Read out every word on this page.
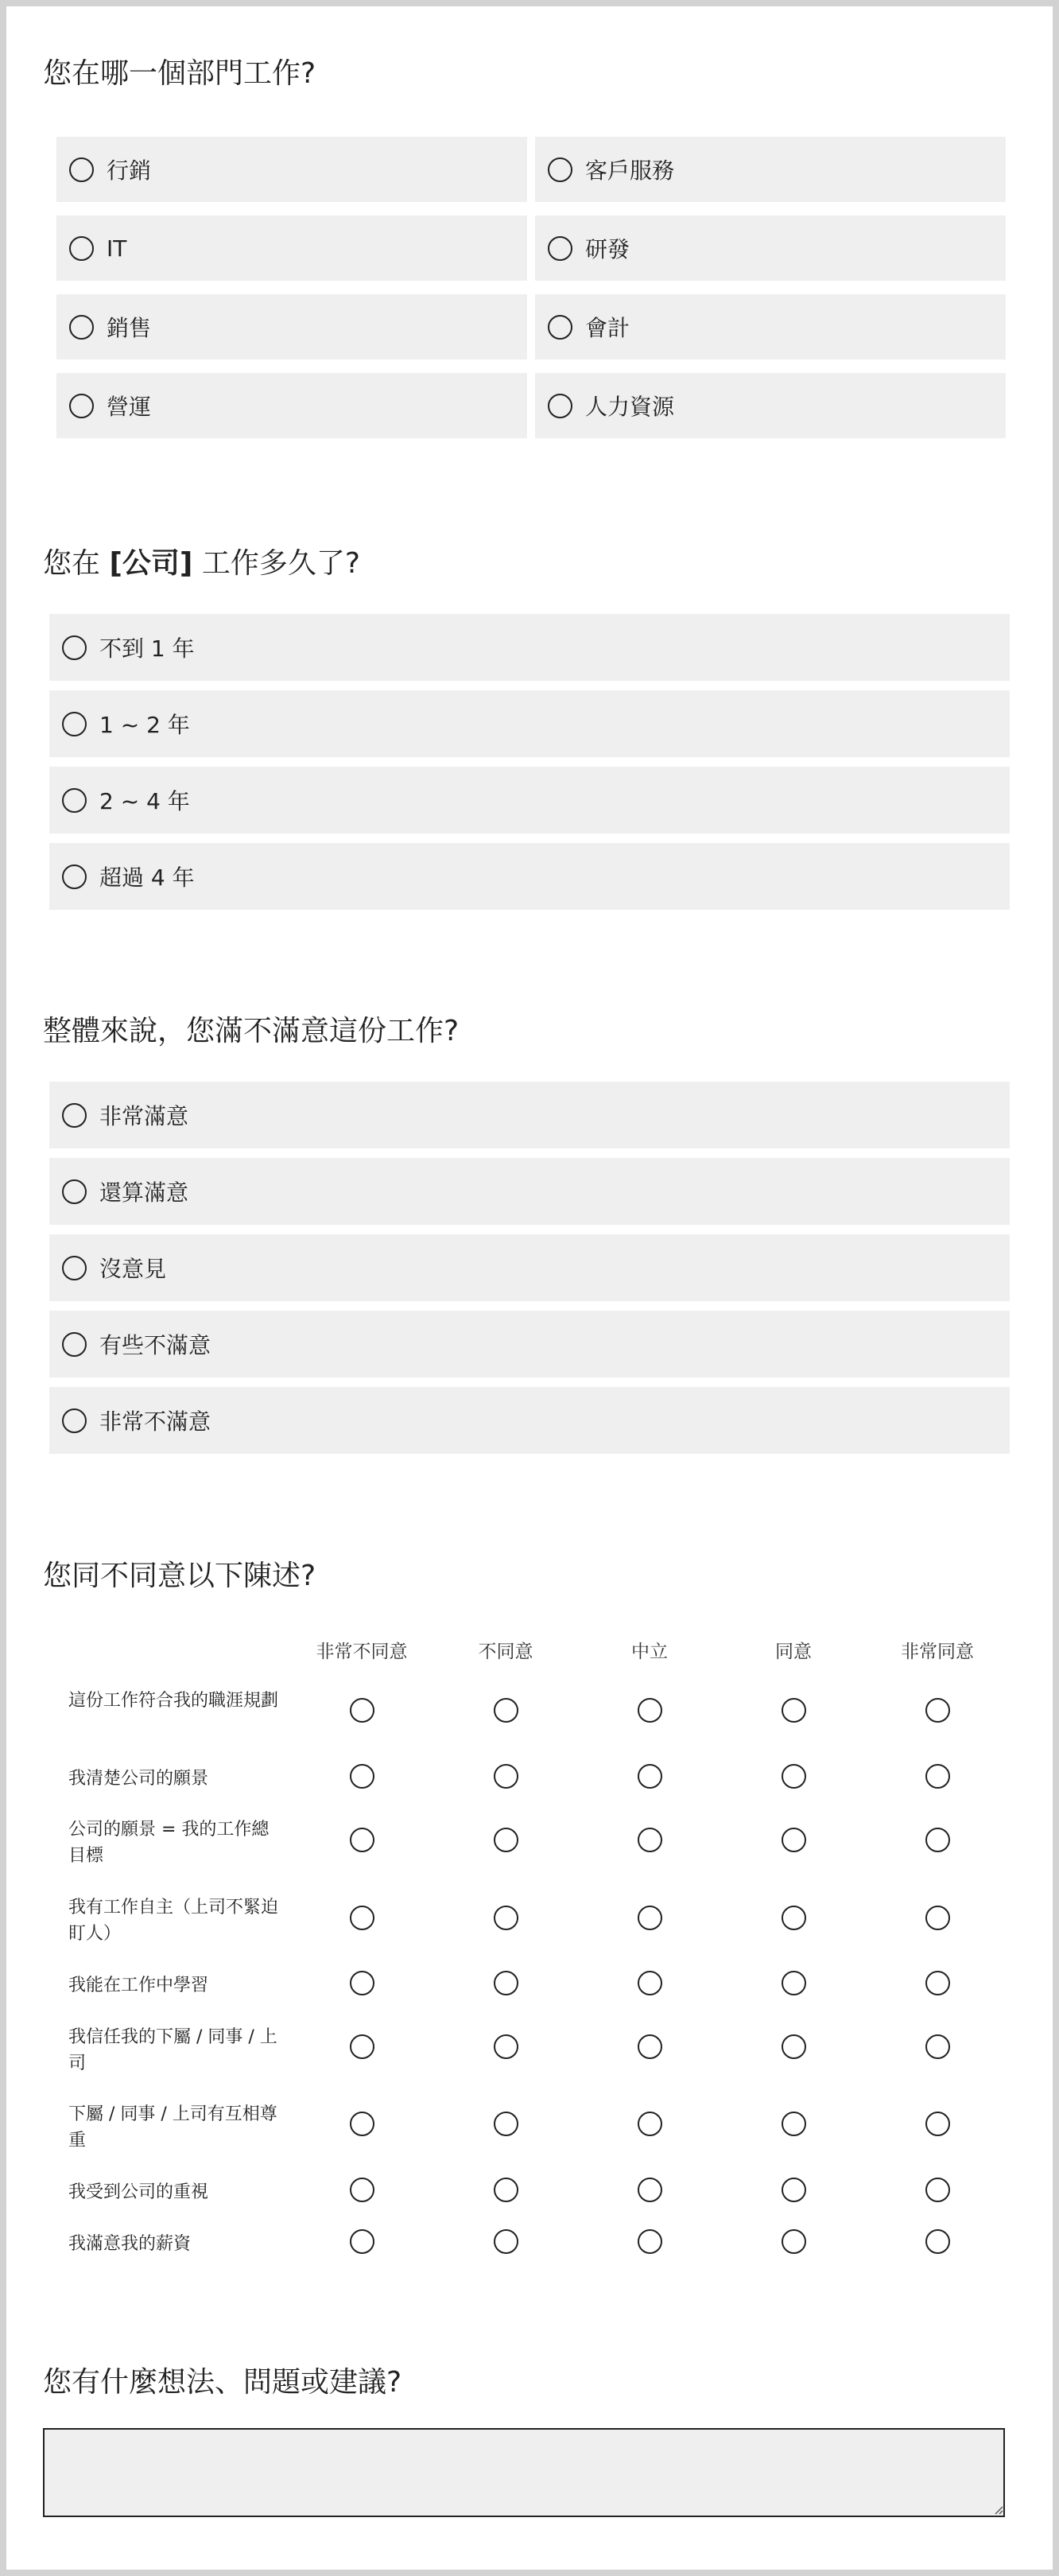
您在哪一個部門工作?
行銷	客戶服務
IT	研發
銷售	會計
營運	人力資源
您在 [公司] 工作多久了?
不到 1 年
1 ~ 2 年
2 ~ 4 年
超過 4 年
整體來說，您滿不滿意這份工作?
非常滿意
還算滿意
沒意見
有些不滿意
非常不滿意
您同不同意以下陳述?
非常不同意	不同意	中立	同意	非常同意
這份工作符合我的職涯規劃
我清楚公司的願景
公司的願景 = 我的工作總目標
我有工作自主（上司不緊迫盯人）
我能在工作中學習
我信任我的下屬 / 同事 / 上司
下屬 / 同事 / 上司有互相尊重
我受到公司的重視
我滿意我的薪資
您有什麼想法、問題或建議?
